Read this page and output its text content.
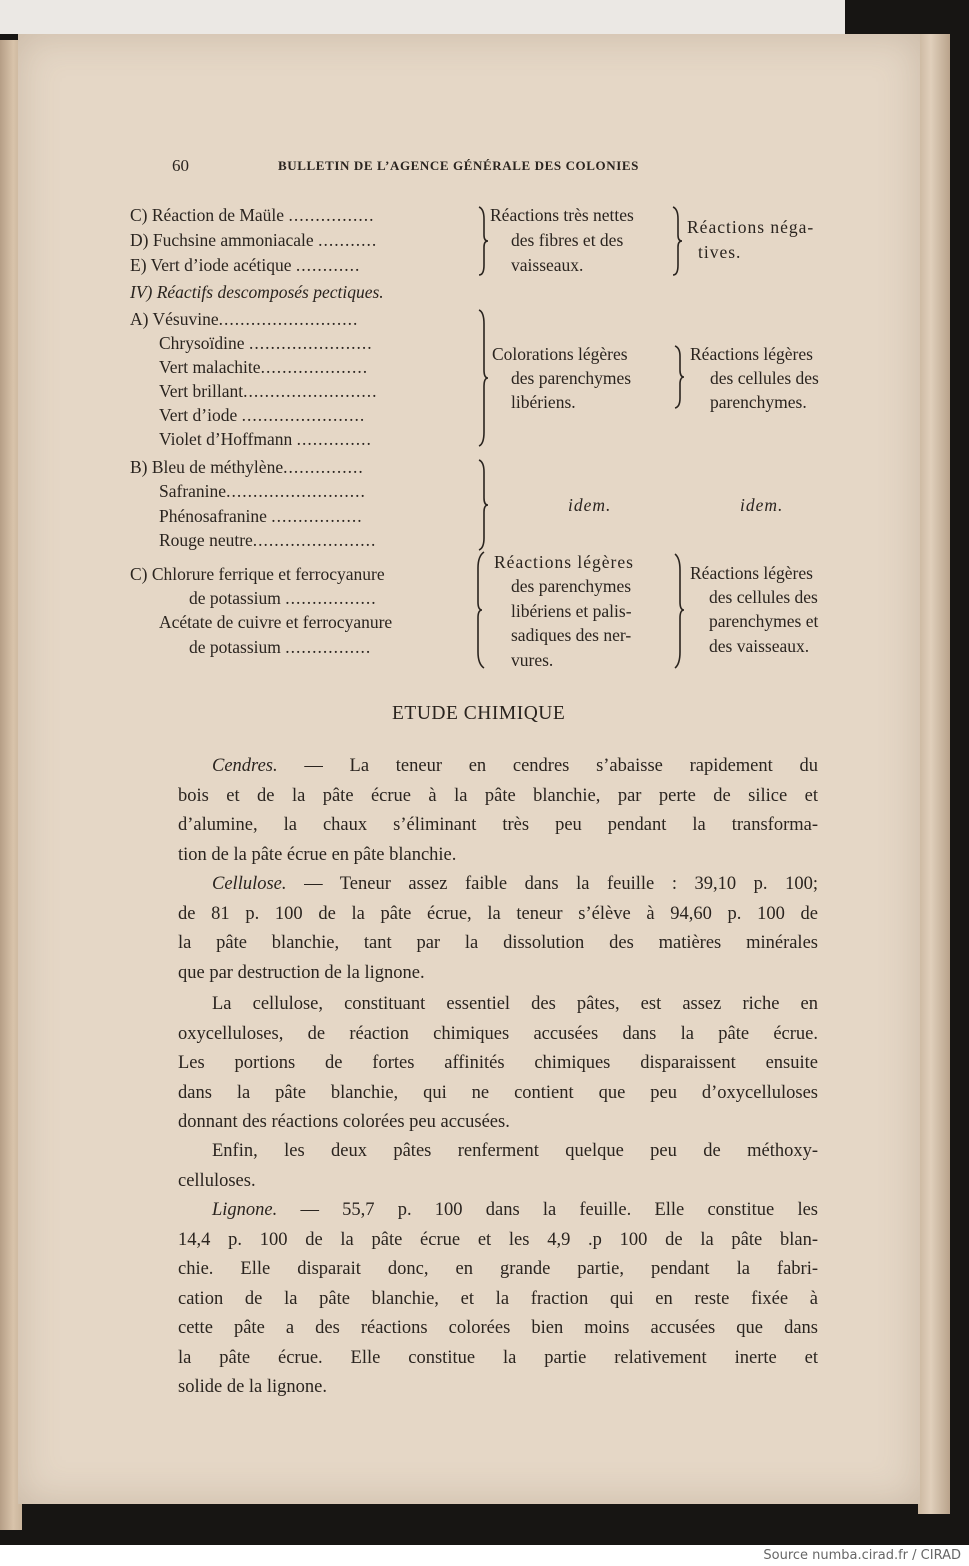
60	BULLETIN DE L’AGENCE GÉNÉRALE DES COLONIES
C) Réaction de Maüle ................
D) Fuchsine ammoniacale ...........
E) Vert d’iode acétique ............
Réactions très nettes
des fibres et des
vaisseaux.
Réactions néga-
tives.
IV) Réactifs descomposés pectiques.
A) Vésuvine..........................
Chrysoïdine .......................
Vert malachite....................
Vert brillant.........................
Vert d’iode .......................
Violet d’Hoffmann ..............
Colorations légères
des parenchymes
libériens.
Réactions légères
des cellules des
parenchymes.
B) Bleu de méthylène...............
Safranine..........................
Phénosafranine .................
Rouge neutre.......................
idem.	idem.
C) Chlorure ferrique et ferrocyanure
de potassium .................
Acétate de cuivre et ferrocyanure
de potassium ................
Réactions légères
des parenchymes
libériens et palis-
sadiques des ner-
vures.
Réactions légères
des cellules des
parenchymes et
des vaisseaux.
ETUDE CHIMIQUE
Cendres. — La teneur en cendres s’abaisse rapidement du
bois et de la pâte écrue à la pâte blanchie, par perte de silice et
d’alumine, la chaux s’éliminant très peu pendant la transforma-
tion de la pâte écrue en pâte blanchie.
Cellulose. — Teneur assez faible dans la feuille : 39,10 p. 100;
de 81 p. 100 de la pâte écrue, la teneur s’élève à 94,60 p. 100 de
la pâte blanchie, tant par la dissolution des matières minérales
que par destruction de la lignone.
La cellulose, constituant essentiel des pâtes, est assez riche en
oxycelluloses, de réaction chimiques accusées dans la pâte écrue.
Les portions de fortes affinités chimiques disparaissent ensuite
dans la pâte blanchie, qui ne contient que peu d’oxycelluloses
donnant des réactions colorées peu accusées.
Enfin, les deux pâtes renferment quelque peu de méthoxy-
celluloses.
Lignone. — 55,7 p. 100 dans la feuille. Elle constitue les
14,4 p. 100 de la pâte écrue et les 4,9 .p 100 de la pâte blan-
chie. Elle disparait donc, en grande partie, pendant la fabri-
cation de la pâte blanchie, et la fraction qui en reste fixée à
cette pâte a des réactions colorées bien moins accusées que dans
la pâte écrue. Elle constitue la partie relativement inerte et
solide de la lignone.
Source numba.cirad.fr / CIRAD
